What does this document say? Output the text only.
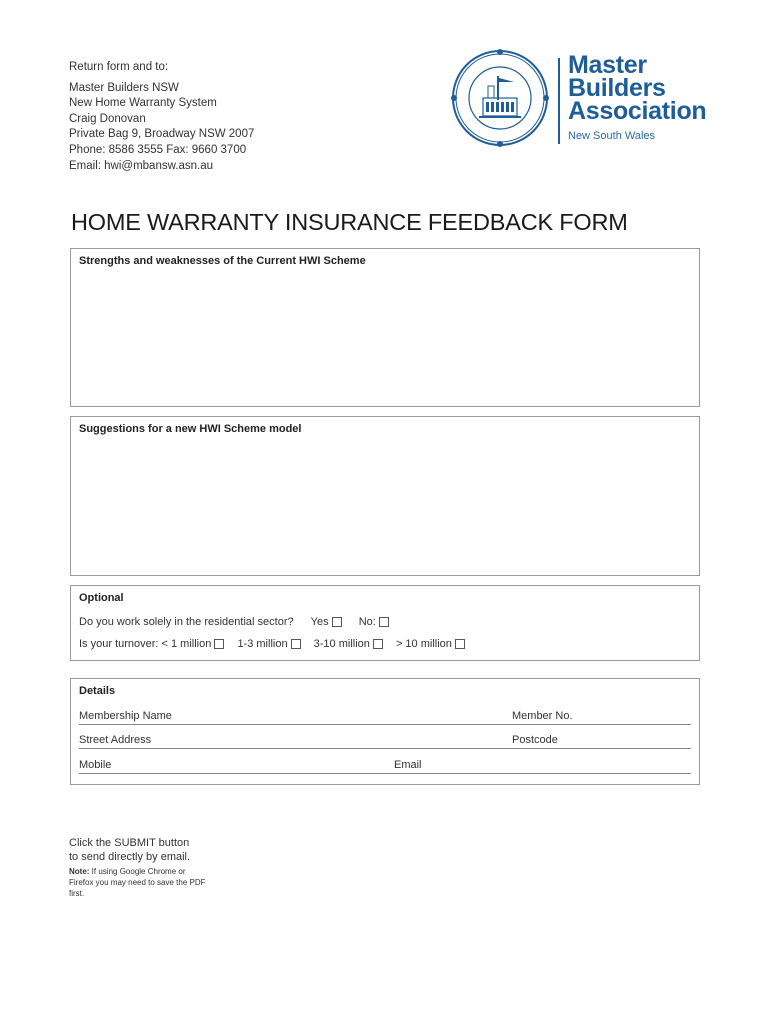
Return form and to:
Master Builders NSW
New Home Warranty System
Craig Donovan
Private Bag 9, Broadway NSW 2007
Phone: 8586 3555 Fax: 9660 3700
Email: hwi@mbansw.asn.au
Master
Builders
Association
New South Wales
HOME WARRANTY INSURANCE FEEDBACK FORM
Strengths and weaknesses of the Current HWI Scheme
Suggestions for a new HWI Scheme model
Optional
Do you work solely in the residential sector? Yes
	No:
Is your turnover: < 1 million
1-3 million
3-10 million
> 10 million
Details
Membership Name	Member No.
Street Address	Postcode
Mobile	Email
Click the SUBMIT button
to send directly by email.
Note: If using Google Chrome or Firefox you may need to save the PDF first.
